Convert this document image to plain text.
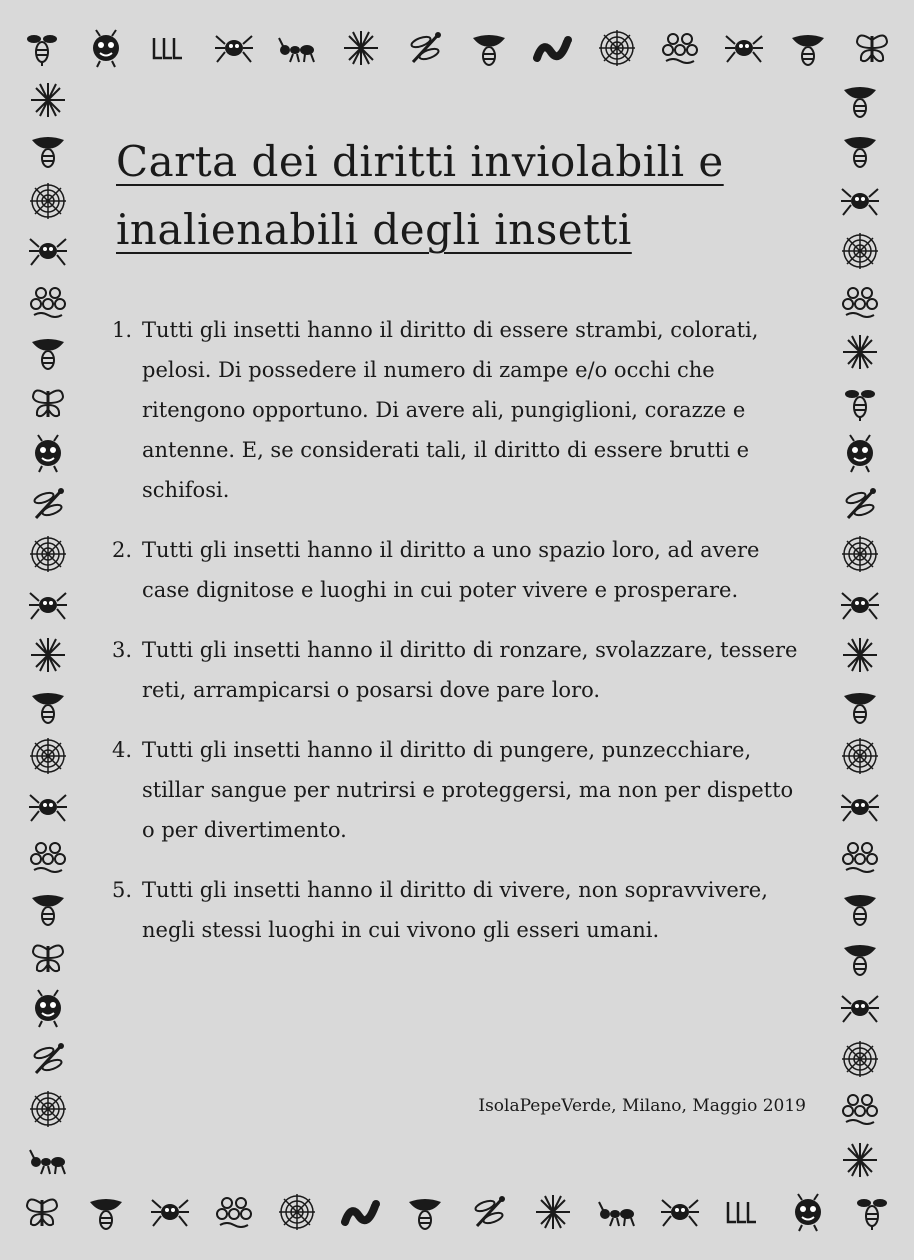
Carta dei diritti inviolabili e inalienabili degli insetti
1. Tutti gli insetti hanno il diritto di essere strambi, colorati, pelosi. Di possedere il numero di zampe e/o occhi che ritengono opportuno. Di avere ali, pungiglioni, corazze e antenne. E, se considerati tali, il diritto di essere brutti e schifosi.
2. Tutti gli insetti hanno il diritto a uno spazio loro, ad avere case dignitose e luoghi in cui poter vivere e prosperare.
3. Tutti gli insetti hanno il diritto di ronzare, svolazzare, tessere reti, arrampicarsi o posarsi dove pare loro.
4. Tutti gli insetti hanno il diritto di pungere, punzecchiare, stillar sangue per nutrirsi e proteggersi, ma non per dispetto o per divertimento.
5. Tutti gli insetti hanno il diritto di vivere, non sopravvivere, negli stessi luoghi in cui vivono gli esseri umani.
IsolaPepeVerde, Milano, Maggio 2019
